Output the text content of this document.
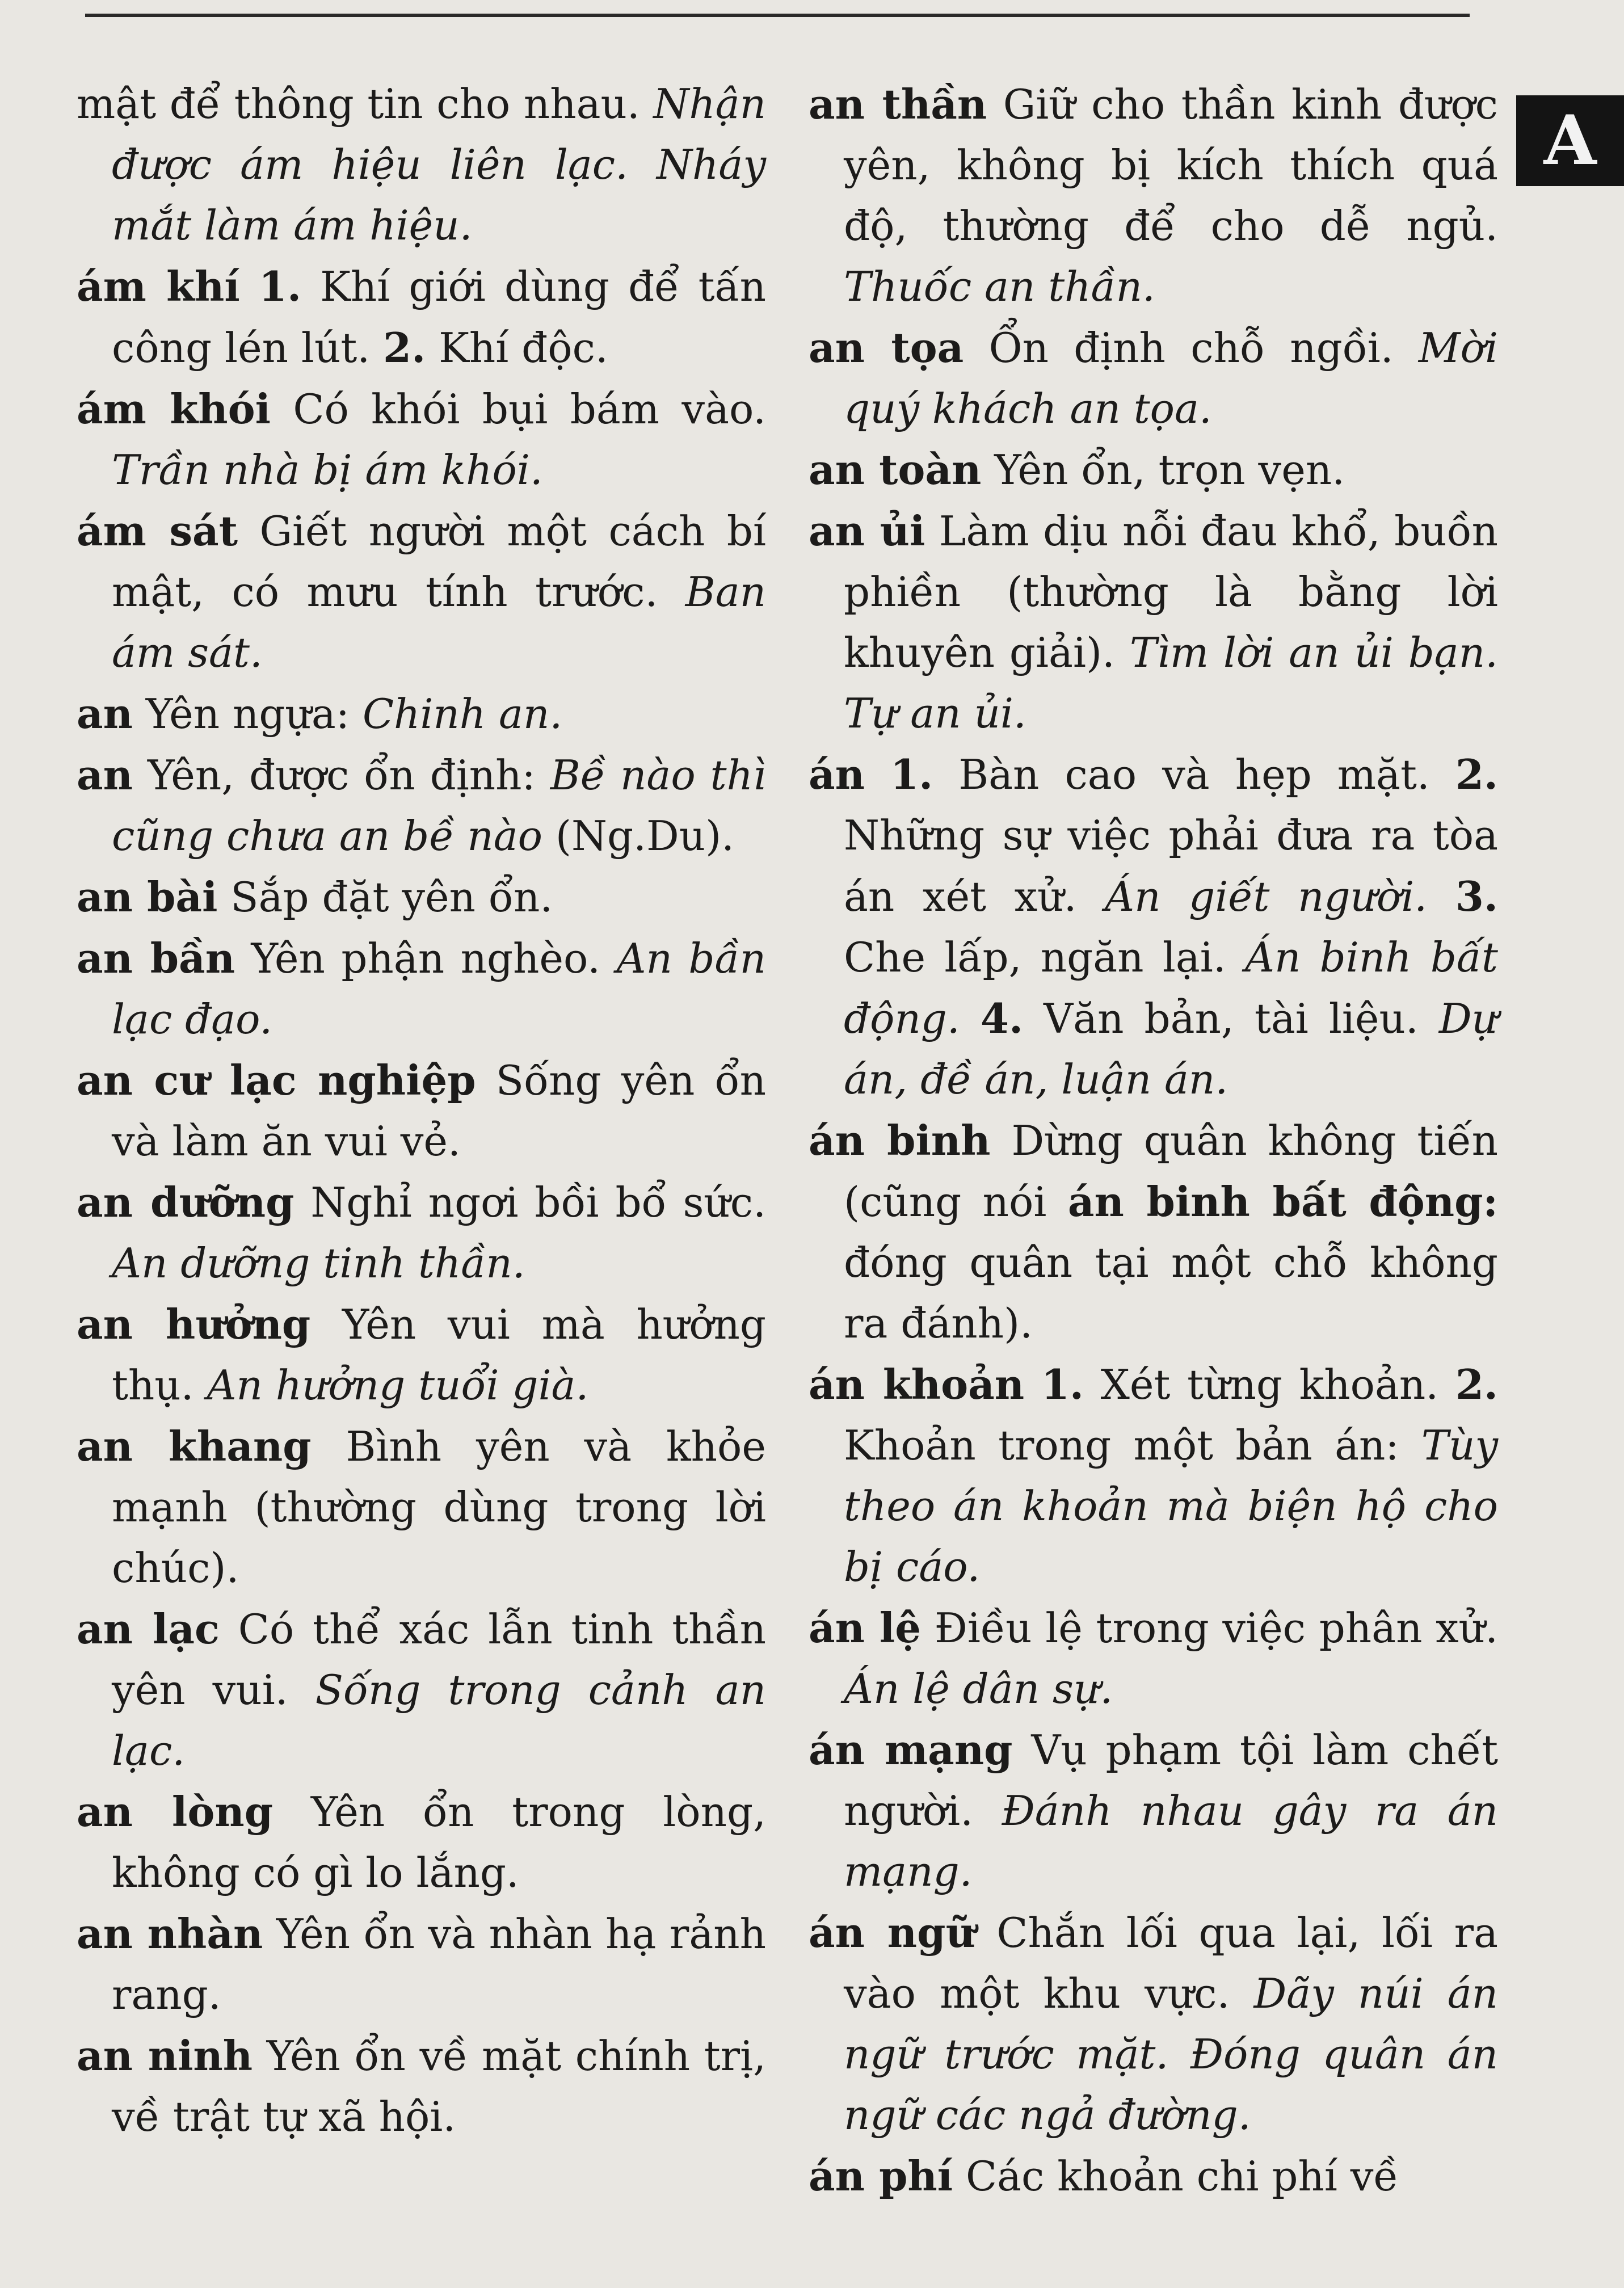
mật để thông tin cho nhau. Nhận được ám hiệu liên lạc. Nháy mắt làm ám hiệu.

ám khí 1. Khí giới dùng để tấn công lén lút. 2. Khí độc.

ám khói Có khói bụi bám vào. Trần nhà bị ám khói.

ám sát Giết người một cách bí mật, có mưu tính trước. Ban ám sát.

an Yên ngựa: Chinh an.

an Yên, được ổn định: Bề nào thì cũng chưa an bề nào (Ng.Du).

an bài Sắp đặt yên ổn.

an bần Yên phận nghèo. An bần lạc đạo.

an cư lạc nghiệp Sống yên ổn và làm ăn vui vẻ.

an dưỡng Nghỉ ngơi bồi bổ sức. An dưỡng tinh thần.

an hưởng Yên vui mà hưởng thụ. An hưởng tuổi già.

an khang Bình yên và khỏe mạnh (thường dùng trong lời chúc).

an lạc Có thể xác lẫn tinh thần yên vui. Sống trong cảnh an lạc.

an lòng Yên ổn trong lòng, không có gì lo lắng.

an nhàn Yên ổn và nhàn hạ rảnh rang.

an ninh Yên ổn về mặt chính trị, về trật tự xã hội.

an thần Giữ cho thần kinh được yên, không bị kích thích quá độ, thường để cho dễ ngủ. Thuốc an thần.

an tọa Ổn định chỗ ngồi. Mời quý khách an tọa.

an toàn Yên ổn, trọn vẹn.

an ủi Làm dịu nỗi đau khổ, buồn phiền (thường là bằng lời khuyên giải). Tìm lời an ủi bạn. Tự an ủi.

án 1. Bàn cao và hẹp mặt. 2. Những sự việc phải đưa ra tòa án xét xử. Án giết người. 3. Che lấp, ngăn lại. Án binh bất động. 4. Văn bản, tài liệu. Dự án, đề án, luận án.

án binh Dừng quân không tiến (cũng nói án binh bất động: đóng quân tại một chỗ không ra đánh).

án khoản 1. Xét từng khoản. 2. Khoản trong một bản án: Tùy theo án khoản mà biện hộ cho bị cáo.

án lệ Điều lệ trong việc phân xử. Án lệ dân sự.

án mạng Vụ phạm tội làm chết người. Đánh nhau gây ra án mạng.

án ngữ Chắn lối qua lại, lối ra vào một khu vực. Dãy núi án ngữ trước mặt. Đóng quân án ngữ các ngả đường.

án phí Các khoản chi phí về

A
